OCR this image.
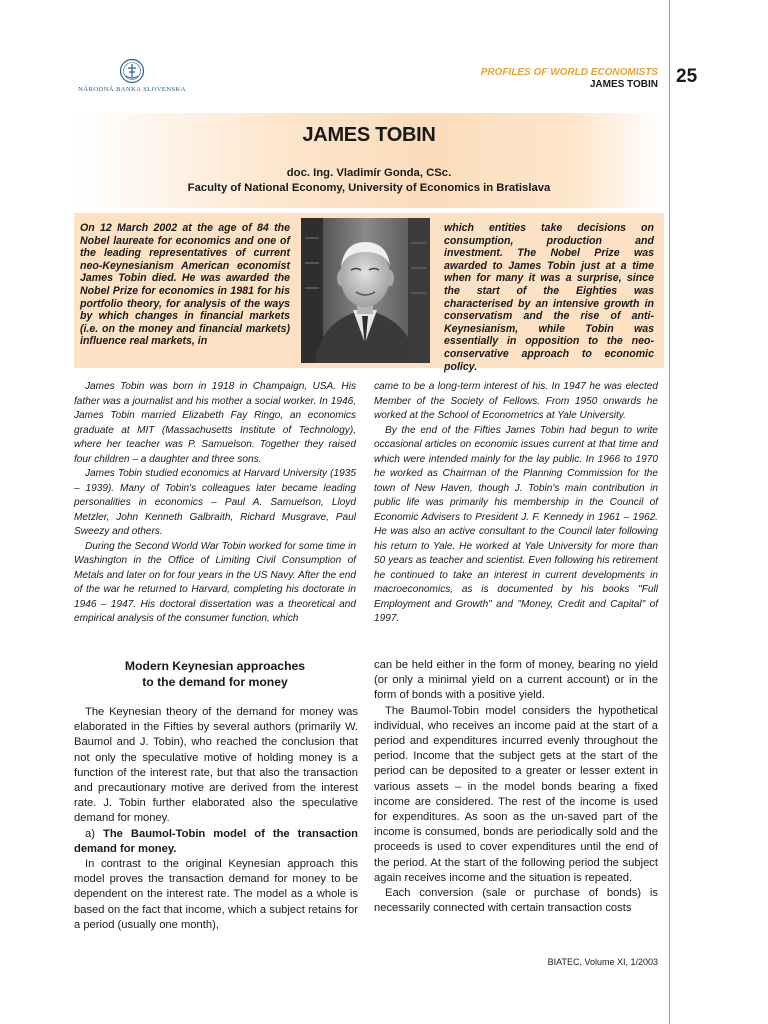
NÁRODNÁ BANKA SLOVENSKA
PROFILES OF WORLD ECONOMISTS
JAMES TOBIN 25
JAMES TOBIN
doc. Ing. Vladimír Gonda, CSc.
Faculty of National Economy, University of Economics in Bratislava
On 12 March 2002 at the age of 84 the Nobel laureate for economics and one of the leading representatives of current neo-Keynesianism American economist James Tobin died. He was awarded the Nobel Prize for economics in 1981 for his portfolio theory, for analysis of the ways by which changes in financial markets (i.e. on the money and financial markets) influence real markets, in
which entities take decisions on consumption, production and investment. The Nobel Prize was awarded to James Tobin just at a time when for many it was a surprise, since the start of the Eighties was characterised by an intensive growth in conservatism and the rise of anti-Keynesianism, while Tobin was essentially in opposition to the neo-conservative approach to economic policy.

James Tobin was born in 1918 in Champaign, USA. His father was a journalist and his mother a social worker. In 1946, James Tobin married Elizabeth Fay Ringo, an economics graduate at MIT (Massachusetts Institute of Technology), where her teacher was P. Samuelson. Together they raised four children – a daughter and three sons.

James Tobin studied economics at Harvard University (1935 – 1939). Many of Tobin's colleagues later became leading personalities in economics – Paul A. Samuelson, Lloyd Metzler, John Kenneth Galbraith, Richard Musgrave, Paul Sweezy and others.

During the Second World War Tobin worked for some time in Washington in the Office of Limiting Civil Consumption of Metals and later on for four years in the US Navy. After the end of the war he returned to Harvard, completing his doctorate in 1946 – 1947. His doctoral dissertation was a theoretical and empirical analysis of the consumer function, which

came to be a long-term interest of his. In 1947 he was elected Member of the Society of Fellows. From 1950 onwards he worked at the School of Econometrics at Yale University.

By the end of the Fifties James Tobin had begun to write occasional articles on economic issues current at that time and which were intended mainly for the lay public. In 1966 to 1970 he worked as Chairman of the Planning Commission for the town of New Haven, though J. Tobin's main contribution in public life was primarily his membership in the Council of Economic Advisers to President J. F. Kennedy in 1961 – 1962. He was also an active consultant to the Council later following his return to Yale. He worked at Yale University for more than 50 years as teacher and scientist. Even following his retirement he continued to take an interest in current developments in macroeconomics, as is documented by his books "Full Employment and Growth" and "Money, Credit and Capital" of 1997.

Modern Keynesian approaches
to the demand for money

The Keynesian theory of the demand for money was elaborated in the Fifties by several authors (primarily W. Baumol and J. Tobin), who reached the conclusion that not only the speculative motive of holding money is a function of the interest rate, but that also the transaction and precautionary motive are derived from the interest rate. J. Tobin further elaborated also the speculative demand for money.

a) The Baumol-Tobin model of the transaction demand for money.

In contrast to the original Keynesian approach this model proves the transaction demand for money to be dependent on the interest rate. The model as a whole is based on the fact that income, which a subject retains for a period (usually one month),

can be held either in the form of money, bearing no yield (or only a minimal yield on a current account) or in the form of bonds with a positive yield.

The Baumol-Tobin model considers the hypothetical individual, who receives an income paid at the start of a period and expenditures incurred evenly throughout the period. Income that the subject gets at the start of the period can be deposited to a greater or lesser extent in various assets – in the model bonds bearing a fixed income are considered. The rest of the income is used for expenditures. As soon as the un-saved part of the income is consumed, bonds are periodically sold and the proceeds is used to cover expenditures until the end of the period. At the start of the following period the subject again receives income and the situation is repeated.

Each conversion (sale or purchase of bonds) is necessarily connected with certain transaction costs

BIATEC, Volume XI, 1/2003
